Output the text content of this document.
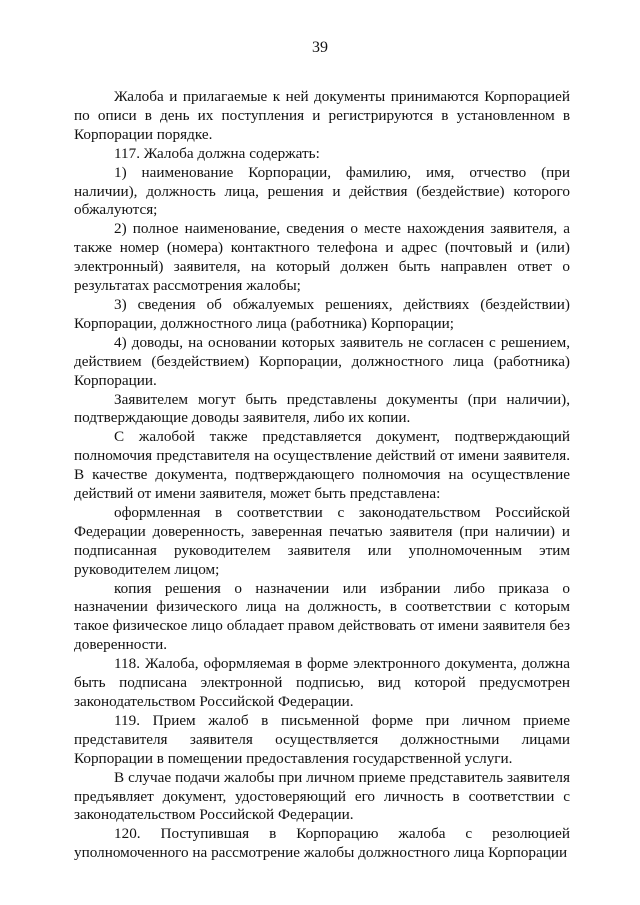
39

Жалоба и прилагаемые к ней документы принимаются Корпорацией по описи в день их поступления и регистрируются в установленном в Корпорации порядке.

117. Жалоба должна содержать:

1) наименование Корпорации, фамилию, имя, отчество (при наличии), должность лица, решения и действия (бездействие) которого обжалуются;

2) полное наименование, сведения о месте нахождения заявителя, а также номер (номера) контактного телефона и адрес (почтовый и (или) электронный) заявителя, на который должен быть направлен ответ о результатах рассмотрения жалобы;

3) сведения об обжалуемых решениях, действиях (бездействии) Корпорации, должностного лица (работника) Корпорации;

4) доводы, на основании которых заявитель не согласен с решением, действием (бездействием) Корпорации, должностного лица (работника) Корпорации.

Заявителем могут быть представлены документы (при наличии), подтверждающие доводы заявителя, либо их копии.

С жалобой также представляется документ, подтверждающий полномочия представителя на осуществление действий от имени заявителя. В качестве документа, подтверждающего полномочия на осуществление действий от имени заявителя, может быть представлена:

оформленная в соответствии с законодательством Российской Федерации доверенность, заверенная печатью заявителя (при наличии) и подписанная руководителем заявителя или уполномоченным этим руководителем лицом;

копия решения о назначении или избрании либо приказа о назначении физического лица на должность, в соответствии с которым такое физическое лицо обладает правом действовать от имени заявителя без доверенности.

118. Жалоба, оформляемая в форме электронного документа, должна быть подписана электронной подписью, вид которой предусмотрен законодательством Российской Федерации.

119. Прием жалоб в письменной форме при личном приеме представителя заявителя осуществляется должностными лицами Корпорации в помещении предоставления государственной услуги.

В случае подачи жалобы при личном приеме представитель заявителя предъявляет документ, удостоверяющий его личность в соответствии с законодательством Российской Федерации.

120. Поступившая в Корпорацию жалоба с резолюцией уполномоченного на рассмотрение жалобы должностного лица Корпорации
